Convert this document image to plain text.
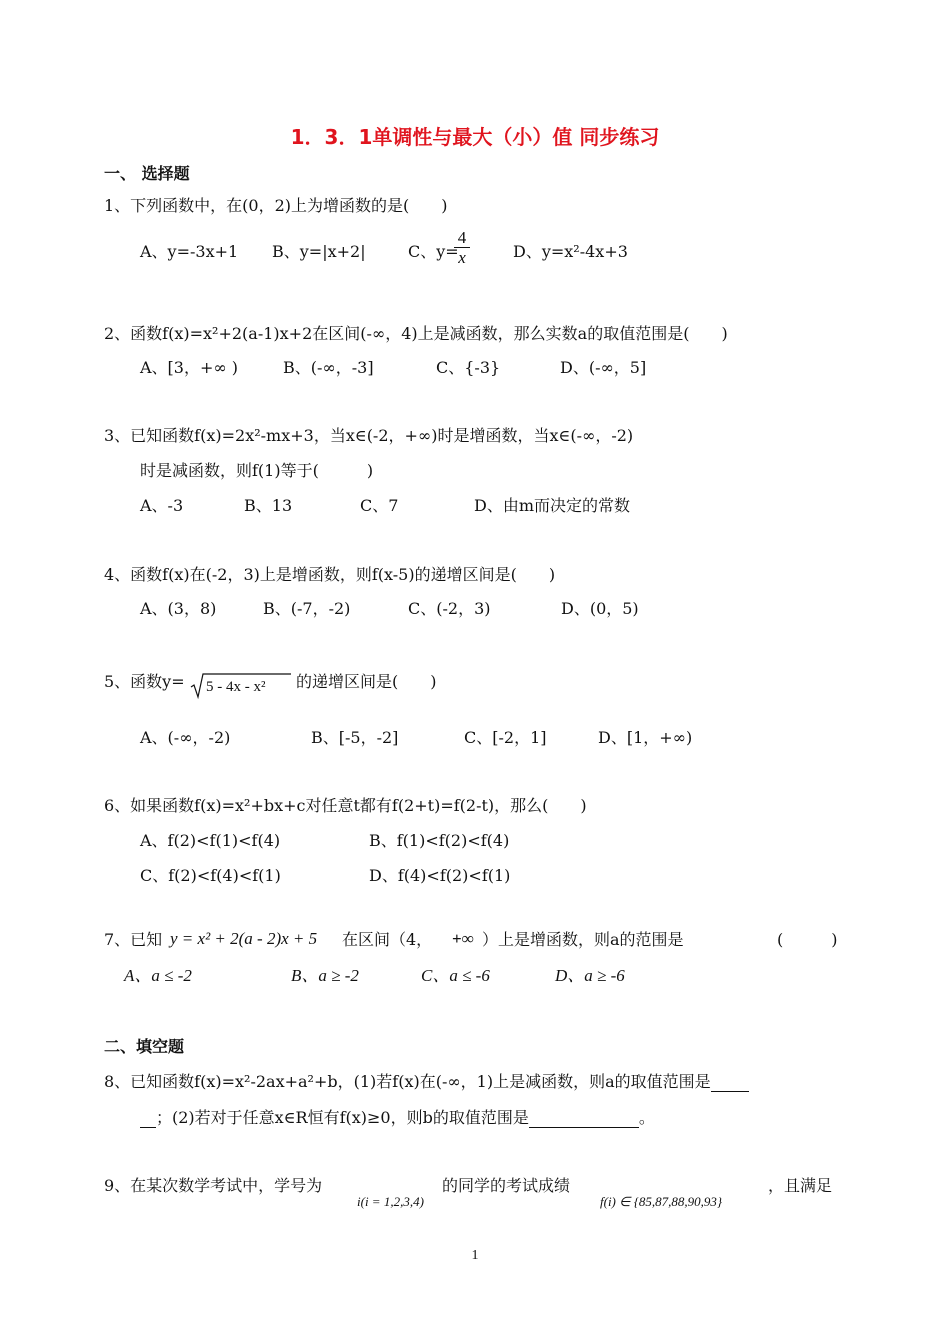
1．3．1单调性与最大（小）值 同步练习
一、 选择题
1、下列函数中，在(0，2)上为增函数的是(　　)
A、y=-3x+1 B、y=|x+2|	C、y=
$\frac{4}{x}$	D、y=x²-4x+3
2、函数f(x)=x²+2(a-1)x+2在区间(-∞，4)上是减函数，那么实数a的取值范围是(　　)
A、[3，+∞ )	B、(-∞，-3]	C、{-3}	D、(-∞，5]
3、已知函数f(x)=2x²-mx+3，当x∈(-2，+∞)时是增函数，当x∈(-∞，-2)
时是减函数，则f(1)等于(　　　)
A、-3	B、13	C、7	D、由m而决定的常数
4、函数f(x)在(-2，3)上是增函数，则f(x-5)的递增区间是(　　)
A、(3，8)	B、(-7，-2)	C、(-2，3)	D、(0，5)
5、函数y= 5 - 4x - x² 的递增区间是(　　)
A、(-∞，-2)	B、[-5，-2]	C、[-2，1]	D、[1，+∞)
6、如果函数f(x)=x²+bx+c对任意t都有f(2+t)=f(2-t)，那么(　　)
A、f(2)<f(1)<f(4)	B、f(1)<f(2)<f(4)
C、f(2)<f(4)<f(1)	D、f(4)<f(2)<f(1)
7、已知 y = x² + 2(a - 2)x + 5 在区间（4， +∞ ）上是增函数，则a的范围是	(　　　)
A、a ≤ -2	B、a ≥ -2	C、a ≤ -6	D、a ≥ -6
二、填空题
8、已知函数f(x)=x²-2ax+a²+b，(1)若f(x)在(-∞，1)上是减函数，则a的取值范围是
；(2)若对于任意x∈R恒有f(x)≥0，则b的取值范围是	。
9、在某次数学考试中，学号为
i(i = 1,2,3,4)
的同学的考试成绩
f(i) ∈ {85,87,88,90,93}
，且满足
1
